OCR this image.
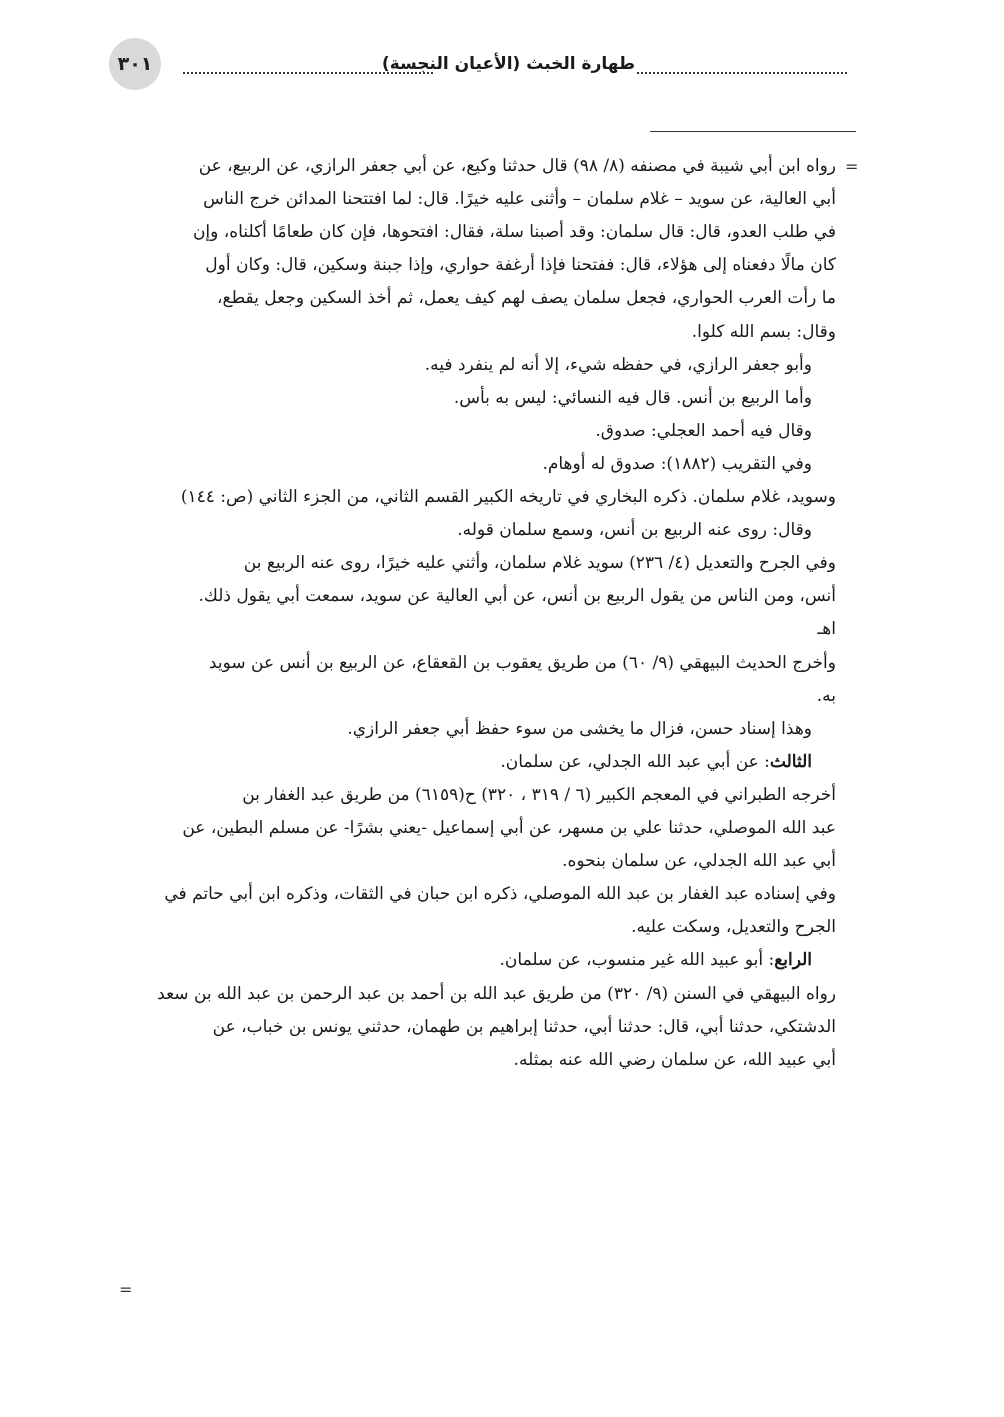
٣٠١	طهارة الخبث (الأعيان النجسة)
=
رواه ابن أبي شيبة في مصنفه (٨/ ٩٨) قال حدثنا وكيع، عن أبي جعفر الرازي، عن الربيع، عن
أبي العالية، عن سويد – غلام سلمان – وأثنى عليه خيرًا. قال: لما افتتحنا المدائن خرج الناس
في طلب العدو، قال: قال سلمان: وقد أصبنا سلة، فقال: افتحوها، فإن كان طعامًا أكلناه، وإن
كان مالًا دفعناه إلى هؤلاء، قال: ففتحنا فإذا أرغفة حواري، وإذا جبنة وسكين، قال: وكان أول
ما رأت العرب الحواري، فجعل سلمان يصف لهم كيف يعمل، ثم أخذ السكين وجعل يقطع،
وقال: بسم الله كلوا.
وأبو جعفر الرازي، في حفظه شيء، إلا أنه لم ينفرد فيه.
وأما الربيع بن أنس. قال فيه النسائي: ليس به بأس.
وقال فيه أحمد العجلي: صدوق.
وفي التقريب (١٨٨٢): صدوق له أوهام.
وسويد، غلام سلمان. ذكره البخاري في تاريخه الكبير القسم الثاني، من الجزء الثاني (ص: ١٤٤)
وقال: روى عنه الربيع بن أنس، وسمع سلمان قوله.
وفي الجرح والتعديل (٤/ ٢٣٦) سويد غلام سلمان، وأثني عليه خيرًا، روى عنه الربيع بن
أنس، ومن الناس من يقول الربيع بن أنس، عن أبي العالية عن سويد، سمعت أبي يقول ذلك.
اهـ
وأخرج الحديث البيهقي (٩/ ٦٠) من طريق يعقوب بن القعقاع، عن الربيع بن أنس عن سويد
به.
وهذا إسناد حسن، فزال ما يخشى من سوء حفظ أبي جعفر الرازي.
الثالث: عن أبي عبد الله الجدلي، عن سلمان.
أخرجه الطبراني في المعجم الكبير (٦ / ٣١٩ ، ٣٢٠) ح(٦١٥٩) من طريق عبد الغفار بن
عبد الله الموصلي، حدثنا علي بن مسهر، عن أبي إسماعيل -يعني بشرًا- عن مسلم البطين، عن
أبي عبد الله الجدلي، عن سلمان بنحوه.
وفي إسناده عبد الغفار بن عبد الله الموصلي، ذكره ابن حبان في الثقات، وذكره ابن أبي حاتم في
الجرح والتعديل، وسكت عليه.
الرابع: أبو عبيد الله غير منسوب، عن سلمان.
رواه البيهقي في السنن (٩/ ٣٢٠) من طريق عبد الله بن أحمد بن عبد الرحمن بن عبد الله بن سعد
الدشتكي، حدثنا أبي، قال: حدثنا أبي، حدثنا إبراهيم بن طهمان، حدثني يونس بن خباب، عن
أبي عبيد الله، عن سلمان رضي الله عنه بمثله.
=
